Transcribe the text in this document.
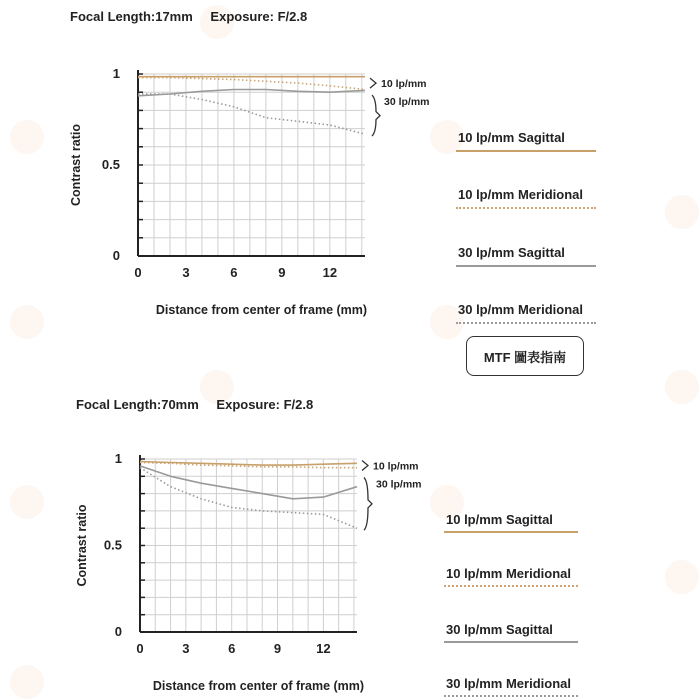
Focal Length:17mm Exposure: F/2.8
0	3	6	9	12
0
0.5
1
Distance from center of frame (mm)
Contrast ratio
10 lp/mm
30 lp/mm
10 lp/mm Sagittal
10 lp/mm Meridional
30 lp/mm Sagittal
30 lp/mm Meridional
MTF 圖表指南
Focal Length:70mm Exposure: F/2.8
0	3	6	9	12
0
0.5
1
Distance from center of frame (mm)
Contrast ratio
10 lp/mm
30 lp/mm
10 lp/mm Sagittal
10 lp/mm Meridional
30 lp/mm Sagittal
30 lp/mm Meridional
